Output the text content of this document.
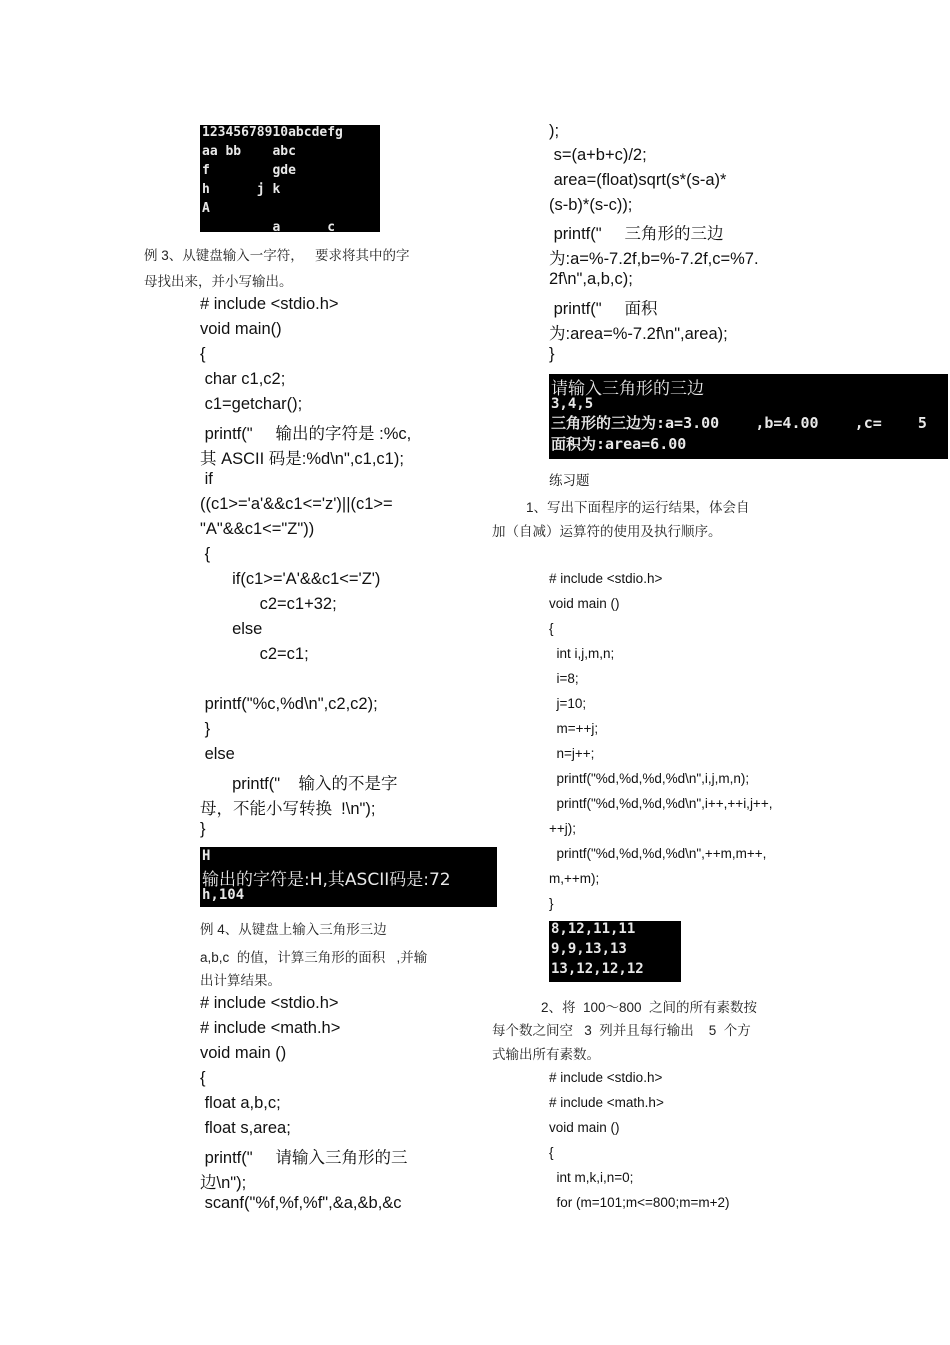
12345678910abcdefg
aa bb    abc
f        gde
h      j k
A
a      c
例 3、从键盘输入一字符，   要求将其中的字
母找出来，并小写输出。
# include <stdio.h>
void main()
{
char c1,c2;
c1=getchar();
printf("     输出的字符是 :%c,
其 ASCII 码是:%d\n",c1,c1);
if
((c1>='a'&&c1<='z')||(c1>=
"A"&&c1<="Z"))
{
if(c1>='A'&&c1<='Z')
c2=c1+32;
else
c2=c1;
printf("%c,%d\n",c2,c2);
}
else
printf("    输入的不是字
母，不能小写转换  !\n");
}
H
输出的字符是:H,其ASCII码是:72
h,104
例 4、从键盘上输入三角形三边
a,b,c  的值，计算三角形的面积   ,并输
出计算结果。
# include <stdio.h>
# include <math.h>
void main ()
{
float a,b,c;
float s,area;
printf("     请输入三角形的三
边\n");
scanf("%f,%f,%f",&a,&b,&c
);
s=(a+b+c)/2;
area=(float)sqrt(s*(s-a)*
(s-b)*(s-c));
printf("     三角形的三边
为:a=%-7.2f,b=%-7.2f,c=%7.
2f\n",a,b,c);
printf("     面积
为:area=%-7.2f\n",area);
}
请输入三角形的三边
3,4,5
三角形的三边为:a=3.00    ,b=4.00    ,c=    5
面积为:area=6.00
练习题
1、写出下面程序的运行结果，体会自
加（自减）运算符的使用及执行顺序。
# include <stdio.h>
void main ()
{
int i,j,m,n;
i=8;
j=10;
m=++j;
n=j++;
printf("%d,%d,%d,%d\n",i,j,m,n);
printf("%d,%d,%d,%d\n",i++,++i,j++,
++j);
printf("%d,%d,%d,%d\n",++m,m++,
m,++m);
}
8,12,11,11
9,9,13,13
13,12,12,12
2、将  100～800  之间的所有素数按
每个数之间空   3  列并且每行输出    5  个方
式输出所有素数。
# include <stdio.h>
# include <math.h>
void main ()
{
int m,k,i,n=0;
for (m=101;m<=800;m=m+2)
